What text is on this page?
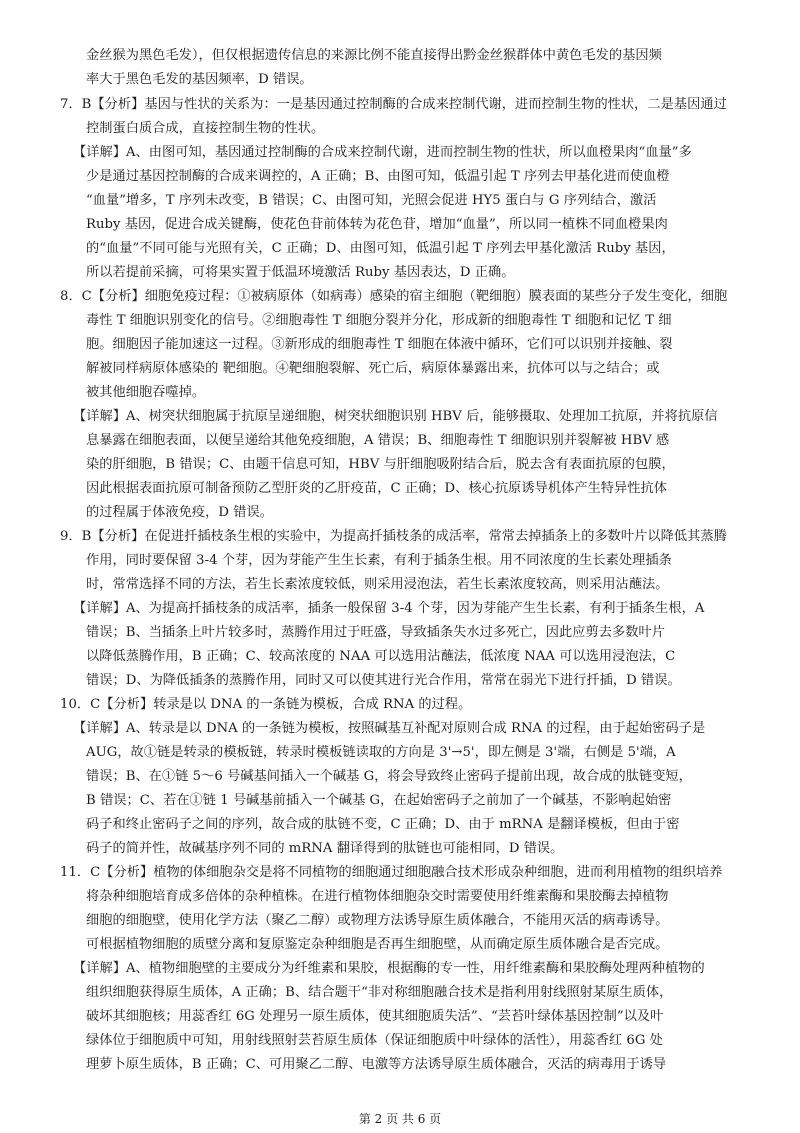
金丝猴为黑色毛发），但仅根据遗传信息的来源比例不能直接得出黔金丝猴群体中黄色毛发的基因频
率大于黑色毛发的基因频率，D 错误。
7．B【分析】基因与性状的关系为：一是基因通过控制酶的合成来控制代谢，进而控制生物的性状，二是基因通过
控制蛋白质合成，直接控制生物的性状。
【详解】A、由图可知，基因通过控制酶的合成来控制代谢，进而控制生物的性状，所以血橙果肉“血量”多
少是通过基因控制酶的合成来调控的，A 正确；B、由图可知，低温引起 T 序列去甲基化进而使血橙
“血量”增多，T 序列未改变，B 错误；C、由图可知，光照会促进 HY5 蛋白与 G 序列结合，激活
Ruby 基因，促进合成关键酶，使花色苷前体转为花色苷，增加“血量”，所以同一植株不同血橙果肉
的“血量”不同可能与光照有关，C 正确；D、由图可知，低温引起 T 序列去甲基化激活 Ruby 基因，
所以若提前采摘，可将果实置于低温环境激活 Ruby 基因表达，D 正确。
8．C【分析】细胞免疫过程：①被病原体（如病毒）感染的宿主细胞（靶细胞）膜表面的某些分子发生变化，细胞
毒性 T 细胞识别变化的信号。②细胞毒性 T 细胞分裂并分化，形成新的细胞毒性 T 细胞和记忆 T 细
胞。细胞因子能加速这一过程。③新形成的细胞毒性 T 细胞在体液中循环，它们可以识别并接触、裂
解被同样病原体感染的 靶细胞。④靶细胞裂解、死亡后，病原体暴露出来，抗体可以与之结合；或
被其他细胞吞噬掉。
【详解】A、树突状细胞属于抗原呈递细胞，树突状细胞识别 HBV 后，能够摄取、处理加工抗原，并将抗原信
息暴露在细胞表面，以便呈递给其他免疫细胞，A 错误；B、细胞毒性 T 细胞识别并裂解被 HBV 感
染的肝细胞，B 错误；C、由题干信息可知，HBV 与肝细胞吸附结合后，脱去含有表面抗原的包膜，
因此根据表面抗原可制备预防乙型肝炎的乙肝疫苗，C 正确；D、核心抗原诱导机体产生特异性抗体
的过程属于体液免疫，D 错误。
9．B【分析】在促进扦插枝条生根的实验中，为提高扦插枝条的成活率，常常去掉插条上的多数叶片以降低其蒸腾
作用，同时要保留 3-4 个芽，因为芽能产生生长素，有利于插条生根。用不同浓度的生长素处理插条
时，常常选择不同的方法，若生长素浓度较低，则采用浸泡法，若生长素浓度较高，则采用沾蘸法。
【详解】A、为提高扦插枝条的成活率，插条一般保留 3-4 个芽，因为芽能产生生长素，有利于插条生根，A
错误；B、当插条上叶片较多时，蒸腾作用过于旺盛，导致插条失水过多死亡，因此应剪去多数叶片
以降低蒸腾作用，B 正确；C、较高浓度的 NAA 可以选用沾蘸法，低浓度 NAA 可以选用浸泡法，C
错误；D、为降低插条的蒸腾作用，同时又可以使其进行光合作用，常常在弱光下进行扦插，D 错误。
10．C【分析】转录是以 DNA 的一条链为模板，合成 RNA 的过程。
【详解】A、转录是以 DNA 的一条链为模板，按照碱基互补配对原则合成 RNA 的过程，由于起始密码子是
AUG，故①链是转录的模板链，转录时模板链读取的方向是 3'→5'，即左侧是 3'端，右侧是 5'端，A
错误；B、在①链 5～6 号碱基间插入一个碱基 G，将会导致终止密码子提前出现，故合成的肽链变短，
B 错误；C、若在①链 1 号碱基前插入一个碱基 G，在起始密码子之前加了一个碱基，不影响起始密
码子和终止密码子之间的序列，故合成的肽链不变，C 正确；D、由于 mRNA 是翻译模板，但由于密
码子的简并性，故碱基序列不同的 mRNA 翻译得到的肽链也可能相同，D 错误。
11．C【分析】植物的体细胞杂交是将不同植物的细胞通过细胞融合技术形成杂种细胞，进而利用植物的组织培养
将杂种细胞培育成多倍体的杂种植株。在进行植物体细胞杂交时需要使用纤维素酶和果胶酶去掉植物
细胞的细胞壁，使用化学方法（聚乙二醇）或物理方法诱导原生质体融合，不能用灭活的病毒诱导。
可根据植物细胞的质壁分离和复原鉴定杂种细胞是否再生细胞壁，从而确定原生质体融合是否完成。
【详解】A、植物细胞壁的主要成分为纤维素和果胶，根据酶的专一性，用纤维素酶和果胶酶处理两种植物的
组织细胞获得原生质体，A 正确；B、结合题干“非对称细胞融合技术是指利用射线照射某原生质体，
破坏其细胞核；用蕊香红 6G 处理另一原生质体，使其细胞质失活”、“芸苔叶绿体基因控制”以及叶
绿体位于细胞质中可知，用射线照射芸苔原生质体（保证细胞质中叶绿体的活性），用蕊香红 6G 处
理萝卜原生质体，B 正确；C、可用聚乙二醇、电激等方法诱导原生质体融合，灭活的病毒用于诱导
第 2 页 共 6 页
